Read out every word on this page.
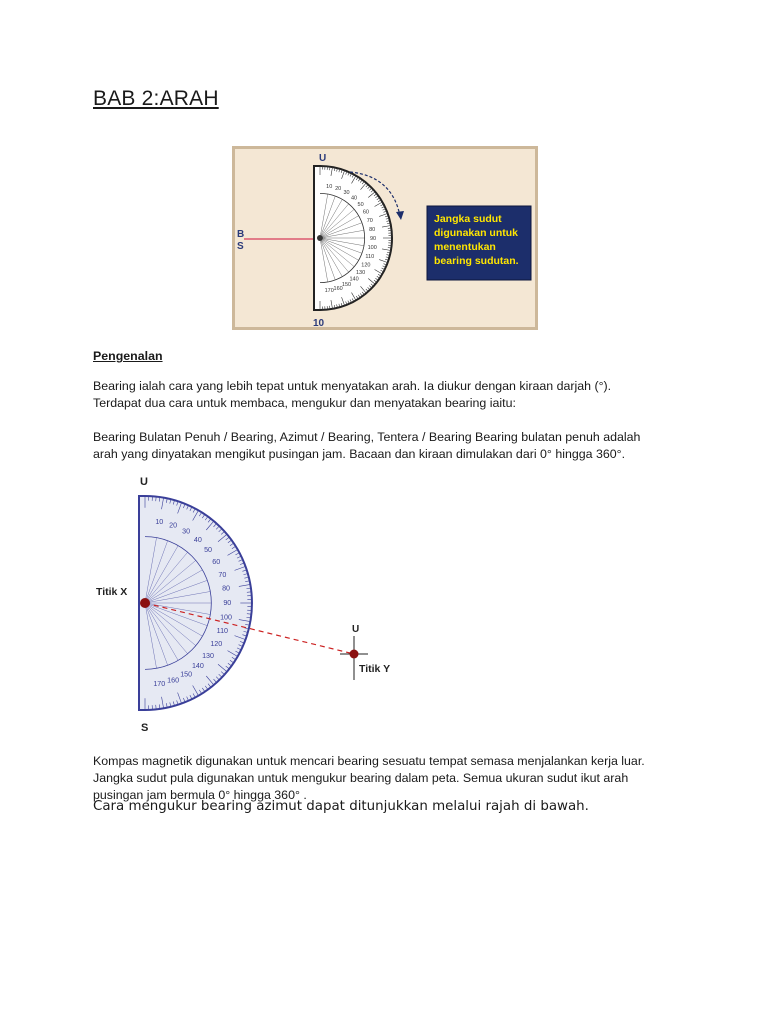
BAB 2:ARAH
10 20
30
40
50
60
70
80
90
100
110
120
130
140
150
160
170
U
10
B
S
Jangka sudut
digunakan untuk
menentukan
bearing sudutan.
Pengenalan
Bearing ialah cara yang lebih tepat untuk menyatakan arah. Ia diukur dengan kiraan darjah (°).
Terdapat dua cara untuk membaca, mengukur dan menyatakan bearing iaitu:
Bearing Bulatan Penuh / Bearing, Azimut / Bearing, Tentera / Bearing Bearing bulatan penuh adalah
arah yang dinyatakan mengikut pusingan jam. Bacaan dan kiraan dimulakan dari 0° hingga 360°.
10 20
30
40
50
60
70
80
90
100
110
120
130
140
150
160
170
U
S
Titik X
U
Titik Y
Kompas magnetik digunakan untuk mencari bearing sesuatu tempat semasa menjalankan kerja luar.
Jangka sudut pula digunakan untuk mengukur bearing dalam peta. Semua ukuran sudut ikut arah
pusingan jam bermula 0° hingga 360° .
Cara mengukur bearing azimut dapat ditunjukkan melalui rajah di bawah.
